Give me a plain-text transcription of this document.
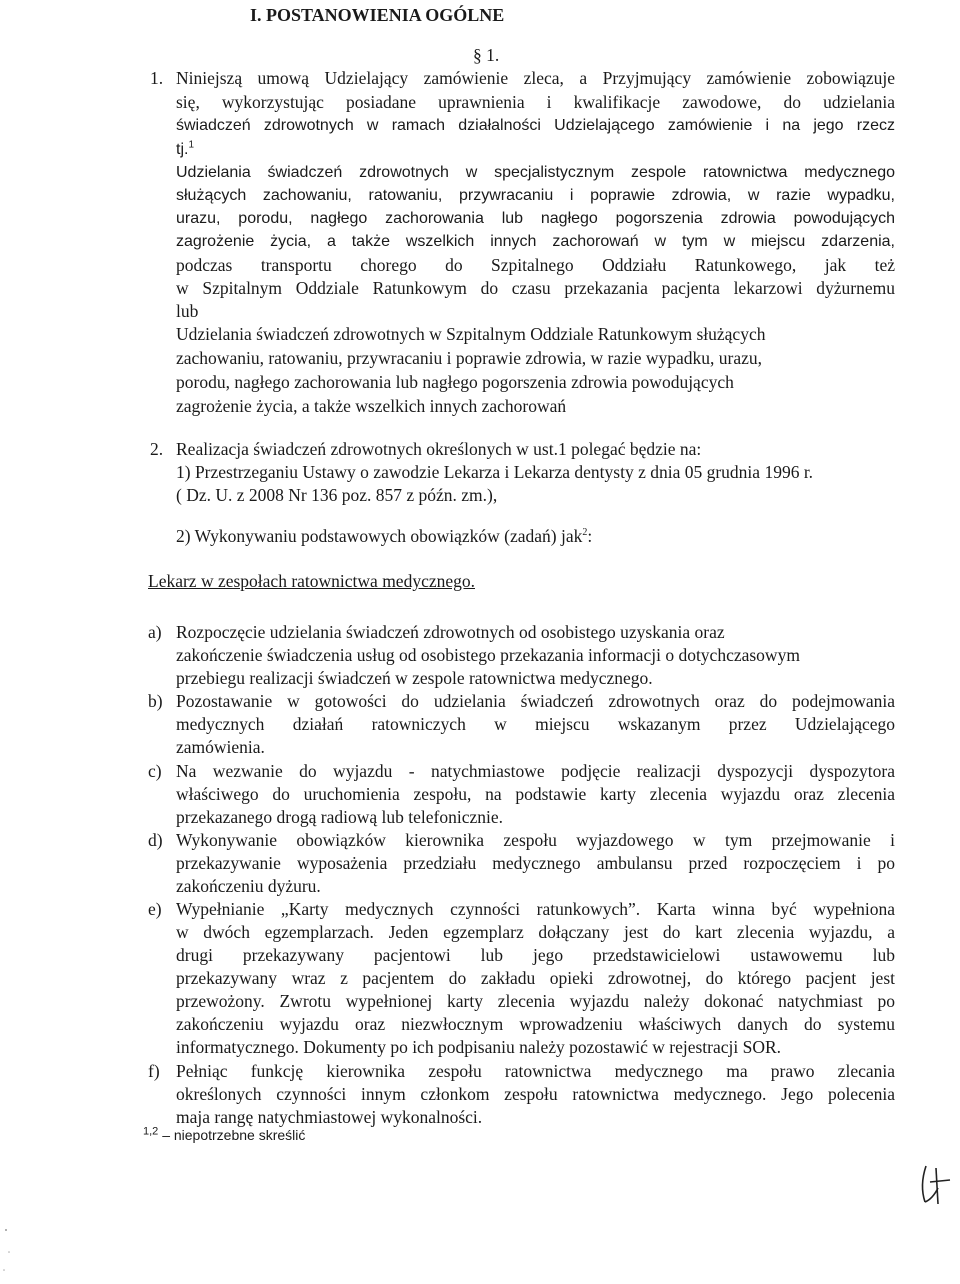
I. POSTANOWIENIA OGÓLNE
§ 1.
1. Niniejszą umową Udzielający zamówienie zleca, a Przyjmujący zamówienie zobowiązuje
się, wykorzystując posiadane uprawnienia i kwalifikacje zawodowe, do udzielania
świadczeń zdrowotnych w ramach działalności Udzielającego zamówienie i na jego rzecz
tj.$^1$
Udzielania świadczeń zdrowotnych w specjalistycznym zespole ratownictwa medycznego
służących zachowaniu, ratowaniu, przywracaniu i poprawie zdrowia, w razie wypadku,
urazu, porodu, nagłego zachorowania lub nagłego pogorszenia zdrowia powodujących
zagrożenie życia, a także wszelkich innych zachorowań w tym w miejscu zdarzenia,
podczas transportu chorego do Szpitalnego Oddziału Ratunkowego, jak też
w Szpitalnym Oddziale Ratunkowym do czasu przekazania pacjenta lekarzowi dyżurnemu
lub
Udzielania świadczeń zdrowotnych w Szpitalnym Oddziale Ratunkowym służących
zachowaniu, ratowaniu, przywracaniu i poprawie zdrowia, w razie wypadku, urazu,
porodu, nagłego zachorowania lub nagłego pogorszenia zdrowia powodujących
zagrożenie życia, a także wszelkich innych zachorowań
2. Realizacja świadczeń zdrowotnych określonych w ust.1 polegać będzie na:
1) Przestrzeganiu Ustawy o zawodzie Lekarza i Lekarza dentysty z dnia 05 grudnia 1996 r.
( Dz. U. z 2008 Nr 136 poz. 857 z późn. zm.),
2) Wykonywaniu podstawowych obowiązków (zadań) jak$^2$:
Lekarz w zespołach ratownictwa medycznego.
a) Rozpoczęcie udzielania świadczeń zdrowotnych od osobistego uzyskania oraz
zakończenie świadczenia usług od osobistego przekazania informacji o dotychczasowym
przebiegu realizacji świadczeń w zespole ratownictwa medycznego.
b) Pozostawanie w gotowości do udzielania świadczeń zdrowotnych oraz do podejmowania
medycznych działań ratowniczych w miejscu wskazanym przez Udzielającego
zamówienia.
c) Na wezwanie do wyjazdu - natychmiastowe podjęcie realizacji dyspozycji dyspozytora
właściwego do uruchomienia zespołu, na podstawie karty zlecenia wyjazdu oraz zlecenia
przekazanego drogą radiową lub telefonicznie.
d) Wykonywanie obowiązków kierownika zespołu wyjazdowego w tym przejmowanie i
przekazywanie wyposażenia przedziału medycznego ambulansu przed rozpoczęciem i po
zakończeniu dyżuru.
e) Wypełnianie „Karty medycznych czynności ratunkowych”. Karta winna być wypełniona
w dwóch egzemplarzach. Jeden egzemplarz dołączany jest do kart zlecenia wyjazdu, a
drugi przekazywany pacjentowi lub jego przedstawicielowi ustawowemu lub
przekazywany wraz z pacjentem do zakładu opieki zdrowotnej, do którego pacjent jest
przewożony. Zwrotu wypełnionej karty zlecenia wyjazdu należy dokonać natychmiast po
zakończeniu wyjazdu oraz niezwłocznym wprowadzeniu właściwych danych do systemu
informatycznego. Dokumenty po ich podpisaniu należy pozostawić w rejestracji SOR.
f) Pełniąc funkcję kierownika zespołu ratownictwa medycznego ma prawo zlecania
określonych czynności innym członkom zespołu ratownictwa medycznego. Jego polecenia
maja rangę natychmiastowej wykonalności.
$^{1,2}$ – niepotrzebne skreślić
